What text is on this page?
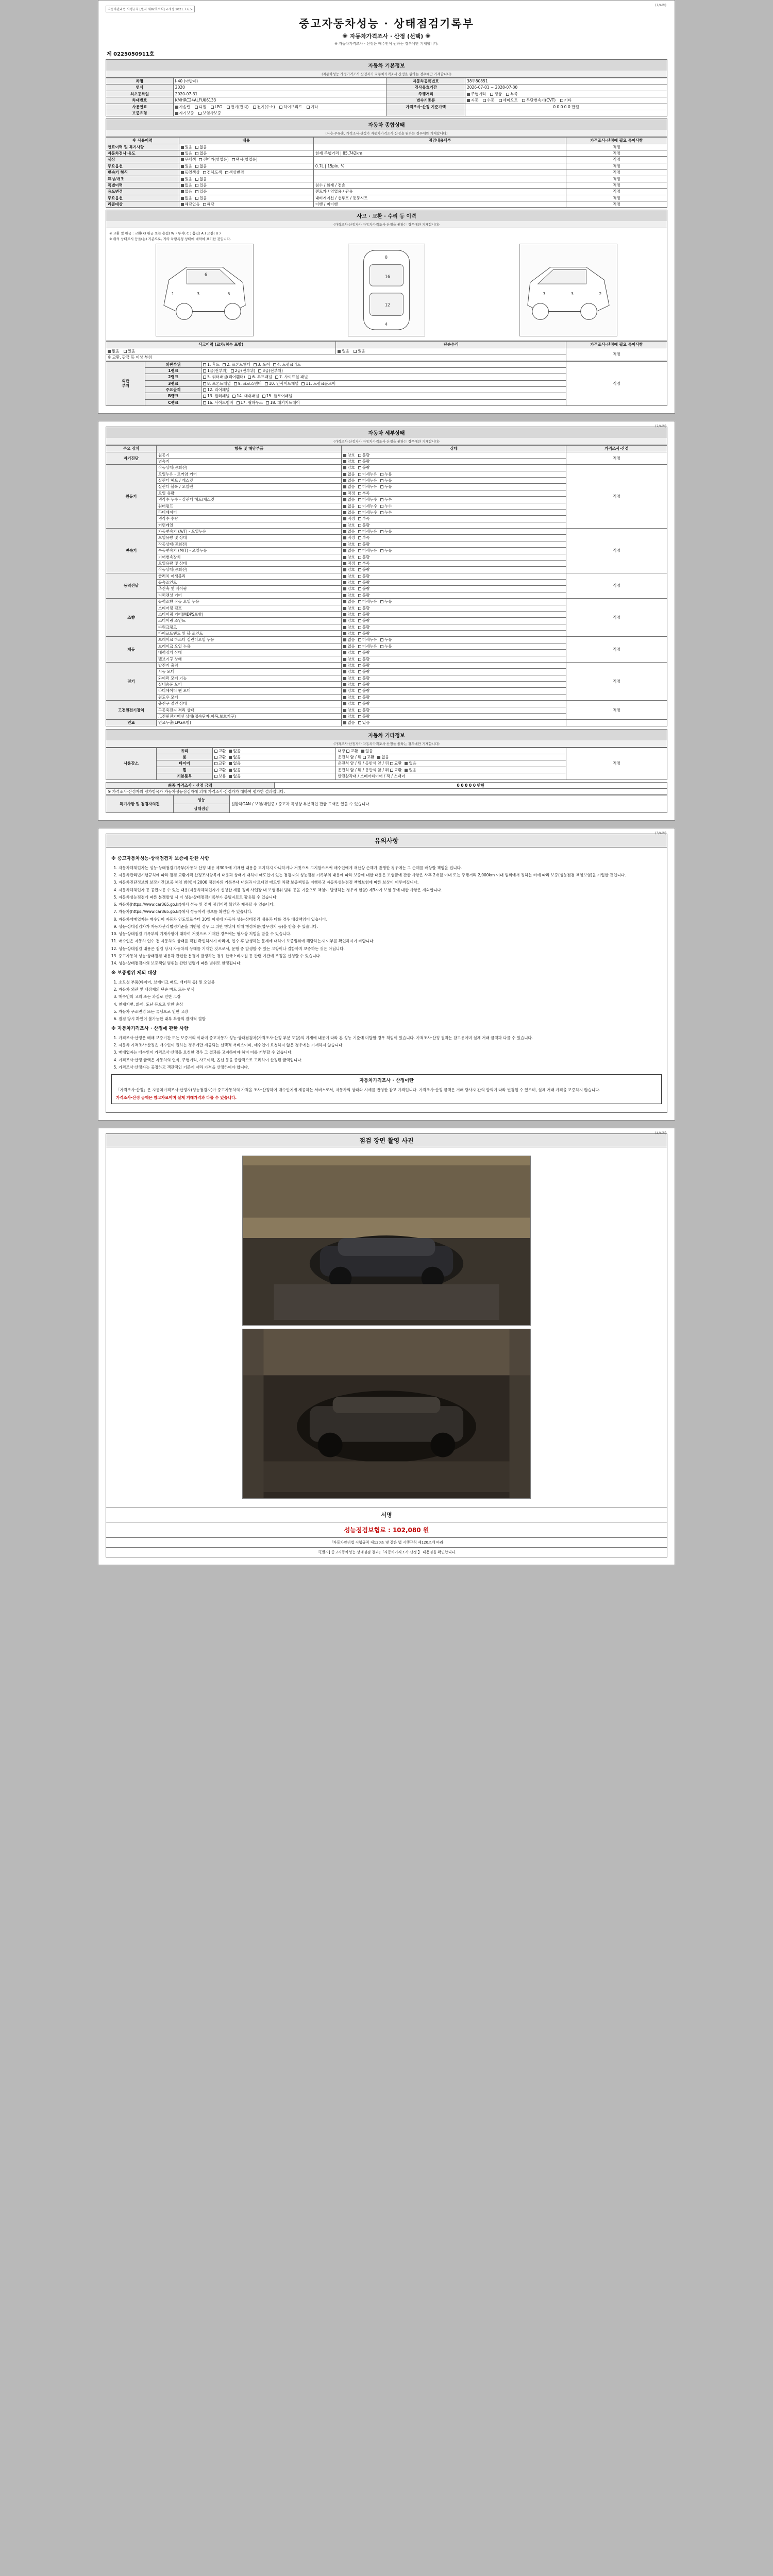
(1/4쪽)
자동차관리법 시행규칙 [별지 제82호서식] <개정 2021.7.6.>
중고자동차성능 · 상태점검기록부
※ 자동차가격조사 · 산정 (선택) ※
※ 자동차가격조사 · 산정은 매수인이 원하는 경우에만 기재합니다.
제 0225050911호
자동차 기본정보
(자동차성능 가정가격조사·산정자가 자동차가격조사·산정을 원하는 경우에만 기재합니다)
차명	I-40 (아반떼)	자동차등록번호	38두80851
연식	2020	검사유효기간	2026-07-01 ~ 2028-07-30
최초등록일	2020-07-31	주행거리	주행거리 정상 부족
차대번호	KMHRC24ALFU06133	변속기종류	자동 수동 세미오토 무단변속기(CVT) 기타
사용연료	가솔린 디젤 LPG 전기(전지) 전기(수소) 하이브리드 기타	가격조사·산정 기준가액	0 0 0 0 0 만원
보증유형	자가보증 보험사보증		
자동차 종합상태
(사용·주유출, 가격조사·산정가 자동차가격조사·산정을 원하는 경우에만 기재합니다)
※ 사용이력	내용	점검내용세부	가격조사·산정에 필요 특이사항
연료이력 및 특기사항	있음 없음		적정
자동차검사·용도	있음 없음	현재 주행거리 | 85,742km	적정
색상	무채색 렌터카(영업용) 택시(영업용)		적정
주요옵션	있음 없음	0.7L | 15pin, %	적정
변속기 형식	동일색상 전체도색 색상변경		적정
튜닝/개조	있음 없음		적정
특별이력	없음 있음	침수 / 화재 / 전손	적정
용도변경	없음 있음	렌트카 / 영업용 / 관용	적정
주요옵션	없음 있음	내비게이션 / 선루프 / 통풍시트	적정
리콜대상	해당없음 해당	이행 / 미이행	적정
사고 · 교환 · 수리 등 이력
(가격조사·산정자가 자동차가격조사·산정을 원하는 경우에만 기재합니다)
※ 교환 및 판금 : 교환(X) 판금 또는 용접( W ) 부식( C ) 흠집( A ) 요철( U )
※ 위의 상태표시 등을(는) 기준으로, 기타 차량특성 상태에 대하여 표기한 것입니다.
1	3	5
6
8
16
12
4
2
3
7
사고이력 (교차/침수 포함)	단순수리	가격조사·산정에 필요 특이사항
없음 있음	없음 있음	적정
※ 교환, 판금 등 이상 부위		
외판
부위	외판부위	1. 후드 2. 프론트휀더 3. 도어 4. 트렁크리드	적정
	1랭크	1급(전부위) 2급(전부위) 3급(전부위)	
	2랭크	5. 쿼터패널(리어휀더) 6. 루프패널 7. 사이드실 패널	
	3랭크	8. 프론트패널 9. 크로스멤버 10. 인사이드패널 11. 트렁크플로어	
	주요골격	12. 리어패널	
	B랭크	13. 필러패널 14. 대쉬패널 15. 플로어패널	
	C랭크	16. 사이드멤버 17. 휠하우스 18. 패키지트레이	
(2/4쪽)
자동차 세부상태
(가격조사·산정자가 자동차가격조사·산정을 원하는 경우에만 기재합니다)
주요 장치	항목 및 해당부품	상태	가격조사·산정
자기진단	원동기	양호 불량	적정
	변속기	양호 불량	
원동기	작동상태(공회전)	양호 불량	적정
	오일누유 - 로커암 커버	없음 미세누유 누유	
	실린더 헤드 / 개스킷	없음 미세누유 누유	
	실린더 블록 / 오일팬	없음 미세누유 누유	
	오일 유량	적정 부족	
	냉각수 누수 - 실린더 헤드/개스킷	없음 미세누수 누수	
	워터펌프	없음 미세누수 누수	
	라디에이터	없음 미세누수 누수	
	냉각수 수량	적정 부족	
	커먼레일	양호 불량	
변속기	자동변속기 (A/T) - 오일누유	없음 미세누유 누유	적정
	오일유량 및 상태	적정 부족	
	작동상태(공회전)	양호 불량	
	수동변속기 (M/T) - 오일누유	없음 미세누유 누유	
	기어변속장치	양호 불량	
	오일유량 및 상태	적정 부족	
	작동상태(공회전)	양호 불량	
동력전달	클러치 어셈블리	양호 불량	적정
	등속조인트	양호 불량	
	추진축 및 베어링	양호 불량	
	디퍼렌셜 기어	양호 불량	
조향	동력조향 작동 오일 누유	없음 미세누유 누유	적정
	스티어링 펌프	양호 불량	
	스티어링 기어(MDPS포함)	양호 불량	
	스티어링 조인트	양호 불량	
	파워크랭크	양호 불량	
	타이로드엔드 및 볼 조인트	양호 불량	
제동	브레이크 마스터 실린더오일 누유	없음 미세누유 누유	적정
	브레이크 오일 누유	없음 미세누유 누유	
	배력장치 상태	양호 불량	
	벨브기구 상태	양호 불량	
전기	발전기 출력	양호 불량	적정
	시동 모터	양호 불량	
	와이퍼 모터 기능	양호 불량	
	실내송풍 모터	양호 불량	
	라디에이터 팬 모터	양호 불량	
	윈도우 모터	양호 불량	
고전원전기장치	충전구 절연 상태	양호 불량	적정
	구동축전지 격리 상태	양호 불량	
	고전원전기배선 상태(접속단자,피복,보호기구)	양호 불량	
연료	연료누출(LPG포함)	없음 있음	
자동차 기타정보
(가격조사·산정자가 자동차가격조사·산정을 원하는 경우에만 기재합니다)
사용감소	유리	교환 없음	내장 교환 없음	적정
	룸	교환 없음	운전석 앞 / 뒤 교환 없음	
	타이어	교환 없음	운전석 앞 / 뒤 / 동반석 앞 / 뒤 교환 없음	
	휠	교환 없음	운전석 앞 / 뒤 / 동반석 앞 / 뒤 교환 없음	
	기본품목	보유 없음	안전삼각대 / 스페어타이어 / 잭 / 스패너	
최종 가격조사 · 산정 금액	0 0 0 0 0 만원
※ 가격조사·산정자의 평가항목가 자동차성능점검자에 의해 가격조사·산정가가 대하여 평가한 결과입니다.
특기사항 및 점검자의견	성능	원활하GAN / 보험/매입중 / 중고차 특성상 부분적인 판금 도색은 있을 수 있습니다.
상태점검
(3/4쪽)
유의사항
※ 중고자동차성능·상태점검자 보증에 관한 사항
1. 자동차해체업자는 성능·상태점검기록부(자동차 산정 내용 제30조에 기재한 내용을 고지하지 아니하거나 거짓으로 고지함으로써 매수인에게 재산상 손해가 발생한 경우에는 그 손해를 배상할 책임을 집니다.
2. 자동차관리법시행규칙에 따라 점검 교환가격 산정조사항목에 내용과 상태에 대하여 매도인이 있는 점검자의 성능점검 기록부의 내용에 따라 보증에 대한 내용은 보험금에 관한 사항은 사후 2개월 이내 또는 주행거리 2,000km 이내 범위에서 정하는 바에 따라 보증(성능점검 책임보험)을 가입한 것입니다.
3. 자동차진단정보의 보장기간(보증 책임 범위)이 2000 점검자의 기록부내 내용과 다르다면 매도인 차량 보증책임을 이행하고 자동차성능점검 책임보험에 따른 보상이 이루어집니다.
4. 자동차해체업자 등 공급자등 수 있는 내용(자동차해체업자가 신청한 제품 정비 사업장 내 보험범위 범위 등을 기준으로 책임이 발생하는 경우에 한함) 제3자가 보험 등에 대한 사항은 제외합니다.
5. 자동차성능점검에 따른 분쟁발생 시 이 성능·상태점검기록부가 증빙자료로 활용될 수 있습니다.
6. 자동차(https://www.car365.go.kr)에서 성능 및 정비 점검이력 확인과 제공할 수 있습니다.
7. 자동차(https://www.car365.go.kr)에서 성능이력 정보를 확인할 수 있습니다.
8. 자동차매매업자는 매수인이 자동차 인도일로부터 30일 이내에 자동차 성능·상태점검 내용과 다를 경우 배상책임이 있습니다.
9. 성능·상태점검자가 자동차관리법령기준을 위반할 경우 그 위반 행위에 대해 행정처분(업무정지 등)을 받을 수 있습니다.
10. 성능·상태점검 기록부의 기재사항에 대하여 거짓으로 기재한 경우에는 형사상 처벌을 받을 수 있습니다.
11. 매수인은 자동차 인수 전 자동차의 상태를 직접 확인하시기 바라며, 인수 후 발생하는 문제에 대하여 보증범위에 해당하는지 여부를 확인하시기 바랍니다.
12. 성능·상태점검 내용은 점검 당시 자동차의 상태를 기재한 것으로서, 운행 중 발생할 수 있는 고장이나 결함까지 보증하는 것은 아닙니다.
13. 중고자동차 성능·상태점검 내용과 관련한 분쟁이 발생하는 경우 한국소비자원 등 관련 기관에 조정을 신청할 수 있습니다.
14. 성능·상태점검자의 보증책임 범위는 관련 법령에 따른 범위로 한정됩니다.
※ 보증범위 제외 대상
1. 소모성 부품(타이어, 브레이크 패드, 배터리 등) 및 오일류
2. 자동차 외관 및 내장재의 단순 마모 또는 변색
3. 매수인의 고의 또는 과실로 인한 고장
4. 천재지변, 화재, 도난 등으로 인한 손상
5. 자동차 구조변경 또는 튜닝으로 인한 고장
6. 점검 당시 확인이 불가능한 내부 부품의 잠재적 결함
※ 자동차가격조사 · 산정에 관한 사항
1. 가격조사·산정은 매매 보증기간 또는 보증거리 이내에 중고자동차 성능·상태점검자(가격조사·산정 부분 포함)의 기재에 내용에 따라 본 성능 기준에 미달할 경우 책임이 있습니다. 가격조사·산정 결과는 참고용이며 실제 거래 금액과 다를 수 있습니다.
2. 자동차 가격조사·산정은 매수인이 원하는 경우에만 제공되는 선택적 서비스이며, 매수인이 요청하지 않은 경우에는 기재하지 않습니다.
3. 매매업자는 매수인이 가격조사·산정을 요청한 경우 그 결과를 고지하여야 하며 이를 거부할 수 없습니다.
4. 가격조사·산정 금액은 자동차의 연식, 주행거리, 사고이력, 옵션 등을 종합적으로 고려하여 산정된 금액입니다.
5. 가격조사·산정자는 공정하고 객관적인 기준에 따라 가격을 산정하여야 합니다.
자동차가격조사 · 산정이란
「가격조사·산정」은 자동차가격조사·산정자(성능점검자)가 중고자동차의 가격을 조사·산정하여 매수인에게 제공하는 서비스로서, 자동차의 상태와 시세를 반영한 참고 가격입니다. 가격조사·산정 금액은 거래 당사자 간의 합의에 따라 변경될 수 있으며, 실제 거래 가격을 보증하지 않습니다.
가격조사·산정 금액은 참고자료이며 실제 거래가격과 다를 수 있습니다.
(4/4쪽)
점검 장면 촬영 사진
서명
성능점검보험료 : 102,080 원
『자동차관리법 시행규칙 제120조 및 같은 법 시행규칙 제120조에 따라
『[별지] 중고자동차성능·상태점검 결과』「자동차가격조사·산정 】 내용임을 확인합니다.
